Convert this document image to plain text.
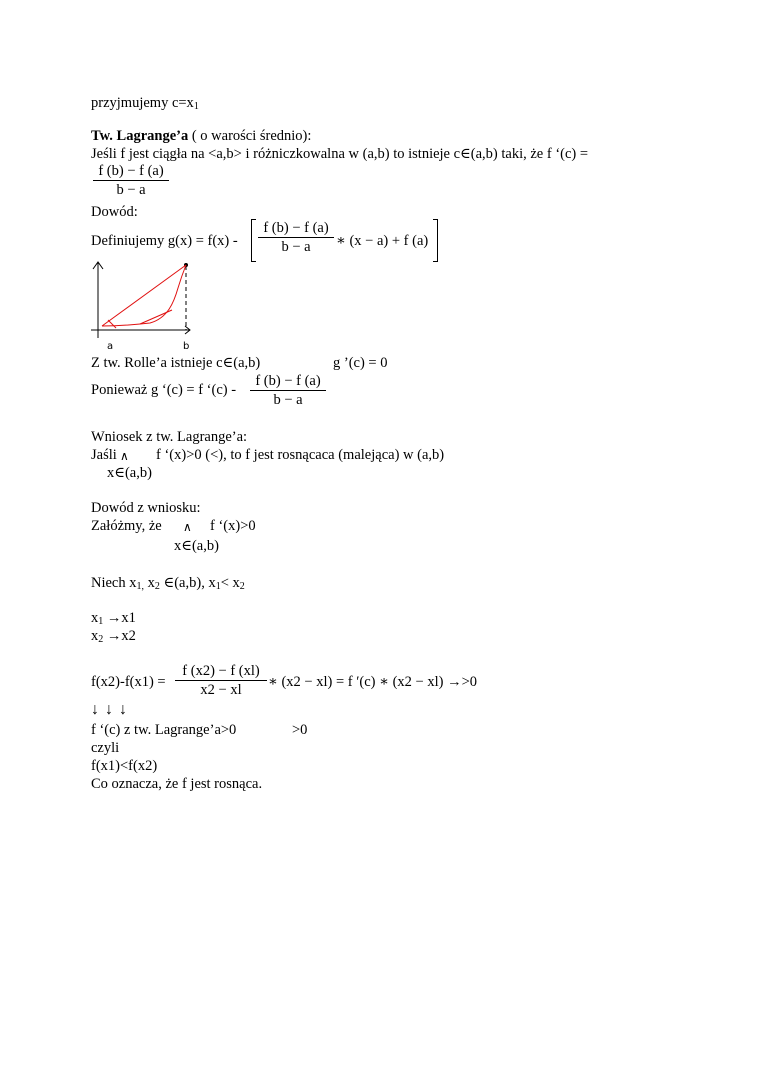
przyjmujemy $c=x_1$
Tw. Lagrange’a ( o warości średnio):
Jeśli f jest ciągła na <a,b> i różniczkowalna w (a,b) to istnieje c∈(a,b) taki, że f ‘(c) =
$\frac{f (b) - f (a)}{b - a}$
Dowód:
Definiujemy $g(x) = f(x) - \frac{f (b) - f (a)}{b - a}$ ∗ (x − a) + f (a)
a	b
Z tw. Rolle’a istnieje c∈(a,b)	g ’(c) = 0
Ponieważ g ‘(c) = f ‘$(c) - \frac{f (b) - f (a)}{b - a}$
Wniosek z tw. Lagrange’a:
Jaśli ∧ f ‘(x)>0 (<), to f jest rosnącaca (malejąca) w (a,b)
x∈(a,b)
Dowód z wniosku:
Załóżmy, że ∧ f ‘(x)>0
x∈(a,b)
Niech $x_{1,}$ $x_2$ ∈(a,b), $x_1< x_2$
$x_1 \to x1$
$x_2 \to x2$
$f(x2)-f(x1) = \frac{f (x2) - f (xl)}{x2 - xl}$ ∗ (x2 − xl) = f ′(c) ∗ (x2 − xl) →>0
↓ ↓ ↓
f ‘(c) z tw. Lagrange’a>0	>0
czyli
f(x1)<f(x2)
Co oznacza, że f jest rosnąca.
